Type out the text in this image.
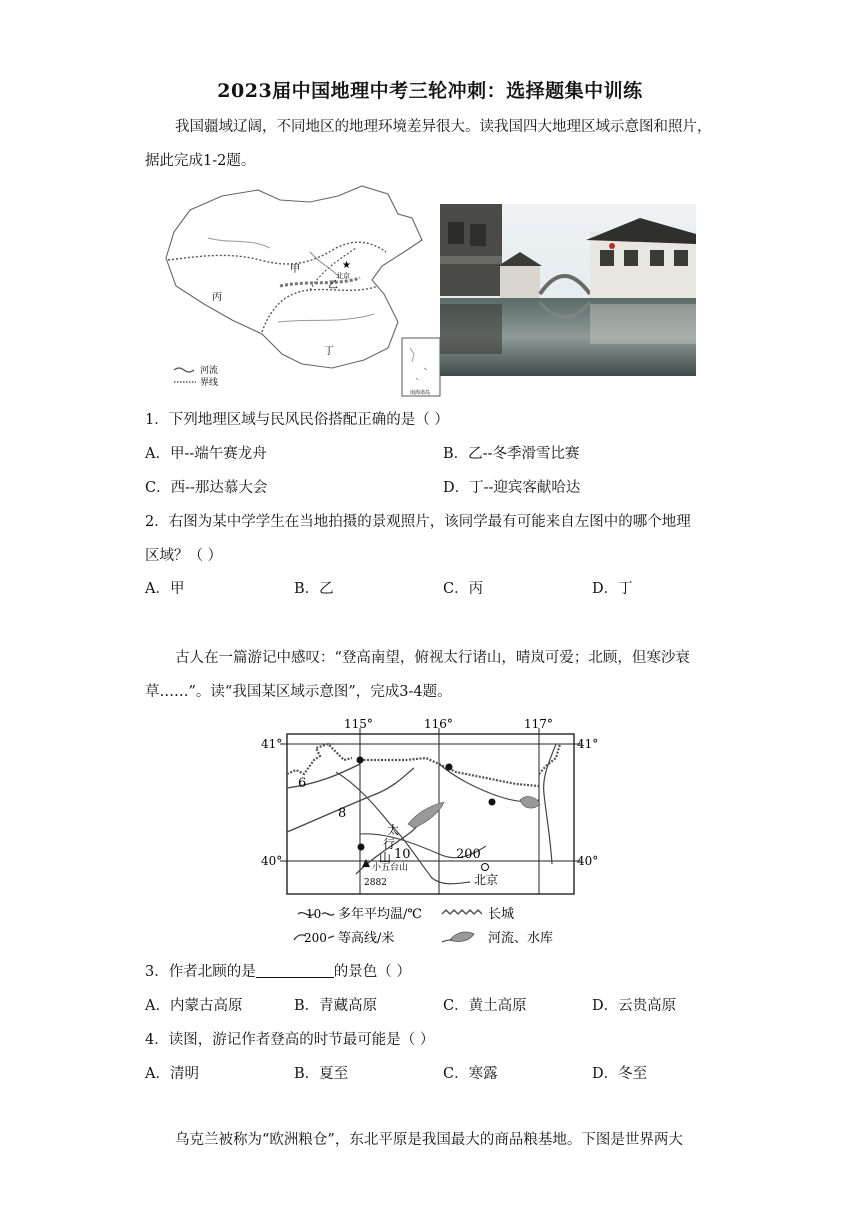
2023届中国地理中考三轮冲刺：选择题集中训练
我国疆域辽阔，不同地区的地理环境差异很大。读我国四大地理区域示意图和照片，
据此完成1-2题。
甲
乙
丙
丁
★
北京
河流
界线
南海诸岛
1．下列地理区域与民风民俗搭配正确的是（ ）
A．甲--端午赛龙舟	B．乙--冬季滑雪比赛
C．西--那达慕大会	D．丁--迎宾客献哈达
2．右图为某中学学生在当地拍摄的景观照片，该同学最有可能来自左图中的哪个地理
区域？（ ）
A．甲	B．乙	C．丙	D．丁
古人在一篇游记中感叹：“登高南望，俯视太行诸山，晴岚可爱；北顾，但寒沙衰
草……”。读“我国某区域示意图”，完成3-4题。
115°	116°	117°
41°	41°
40°	40°
6
8
10	200
太
行
山
小五台山
2882	北京
10 多年平均温/℃	长城
200 等高线/米	河流、水库
3．作者北顾的是	的景色（ ）
A．内蒙古高原	B．青藏高原	C．黄土高原	D．云贵高原
4．读图，游记作者登高的时节最可能是（ ）
A．清明	B．夏至	C．寒露	D．冬至
乌克兰被称为“欧洲粮仓”，东北平原是我国最大的商品粮基地。下图是世界两大
